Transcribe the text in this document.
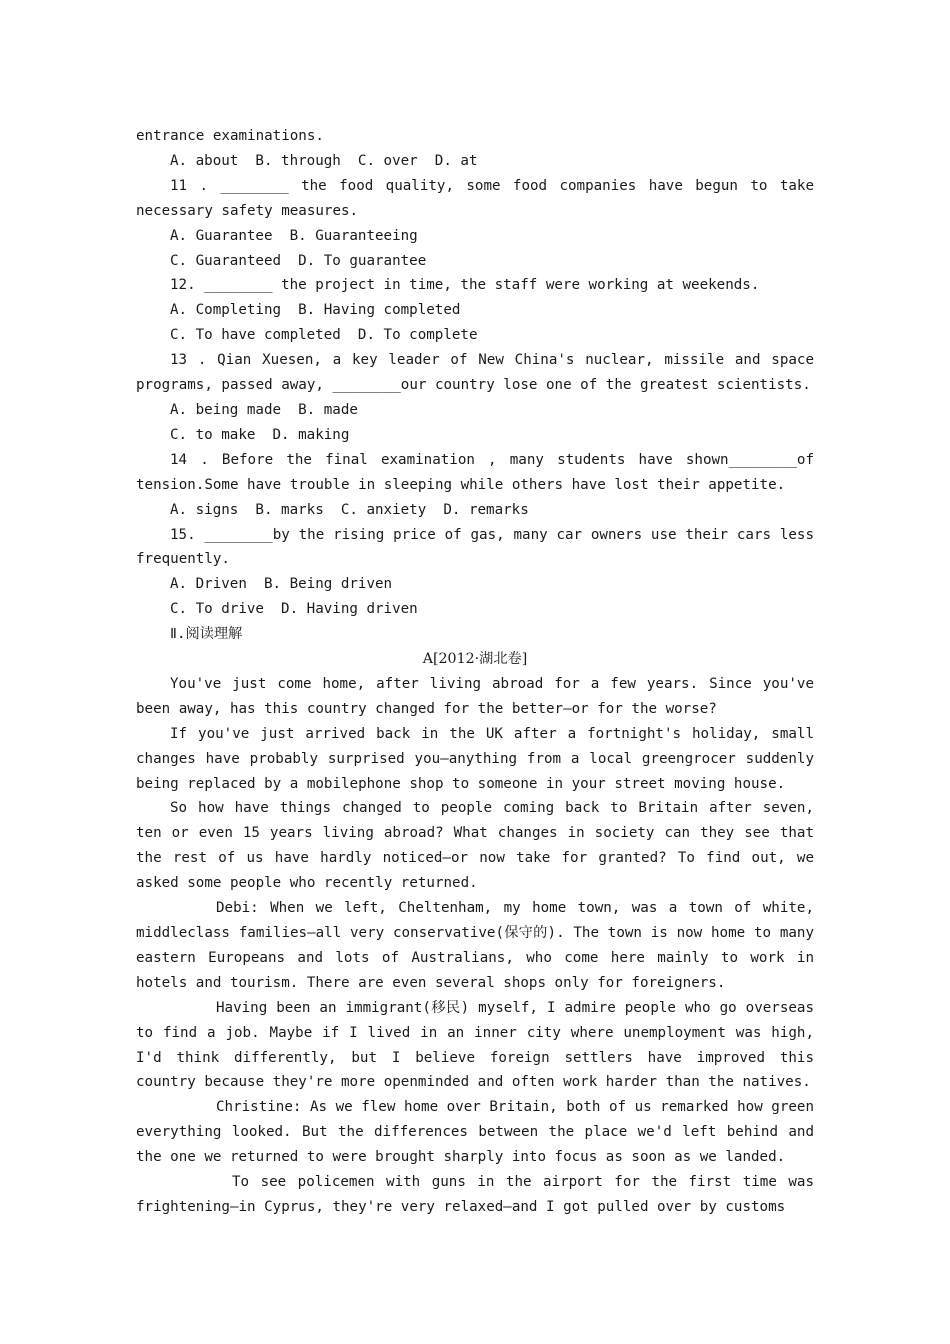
entrance examinations.

A. about  B. through  C. over  D. at

11 . ________ the food quality, some food companies have begun to take necessary safety measures.

A. Guarantee  B. Guaranteeing

C. Guaranteed  D. To guarantee

12. ________ the project in time, the staff were working at weekends.

A. Completing  B. Having completed

C. To have completed  D. To complete

13 . Qian Xuesen, a key leader of New China's nuclear, missile and space programs, passed away, ________our country lose one of the greatest scientists.

A. being made  B. made

C. to make  D. making

14 . Before the final examination , many students have shown________of tension.Some have trouble in sleeping while others have lost their appetite.

A. signs  B. marks  C. anxiety  D. remarks

15. ________by the rising price of gas, many car owners use their cars less frequently.

A. Driven  B. Being driven

C. To drive  D. Having driven

Ⅱ.阅读理解

A[2012·湖北卷]

You've just come home, after living abroad for a few years. Since you've been away, has this country changed for the better—or for the worse?

If you've just arrived back in the UK after a fortnight's holiday, small changes have probably surprised you—anything from a local greengrocer suddenly being replaced by a mobilephone shop to someone in your street moving house.

So how have things changed to people coming back to Britain after seven, ten or even 15 years living abroad? What changes in society can they see that the rest of us have hardly noticed—or now take for granted? To find out, we asked some people who recently returned.

Debi: When we left, Cheltenham, my home town, was a town of white, middleclass families—all very conservative(保守的). The town is now home to many eastern Europeans and lots of Australians, who come here mainly to work in hotels and tourism. There are even several shops only for foreigners.

Having been an immigrant(移民) myself, I admire people who go overseas to find a job. Maybe if I lived in an inner city where unemployment was high, I'd think differently, but I believe foreign settlers have improved this country because they're more openminded and often work harder than the natives.

Christine: As we flew home over Britain, both of us remarked how green everything looked. But the differences between the place we'd left behind and the one we returned to were brought sharply into focus as soon as we landed.

To see policemen with guns in the airport for the first time was frightening—in Cyprus, they're very relaxed—and I got pulled over by customs
